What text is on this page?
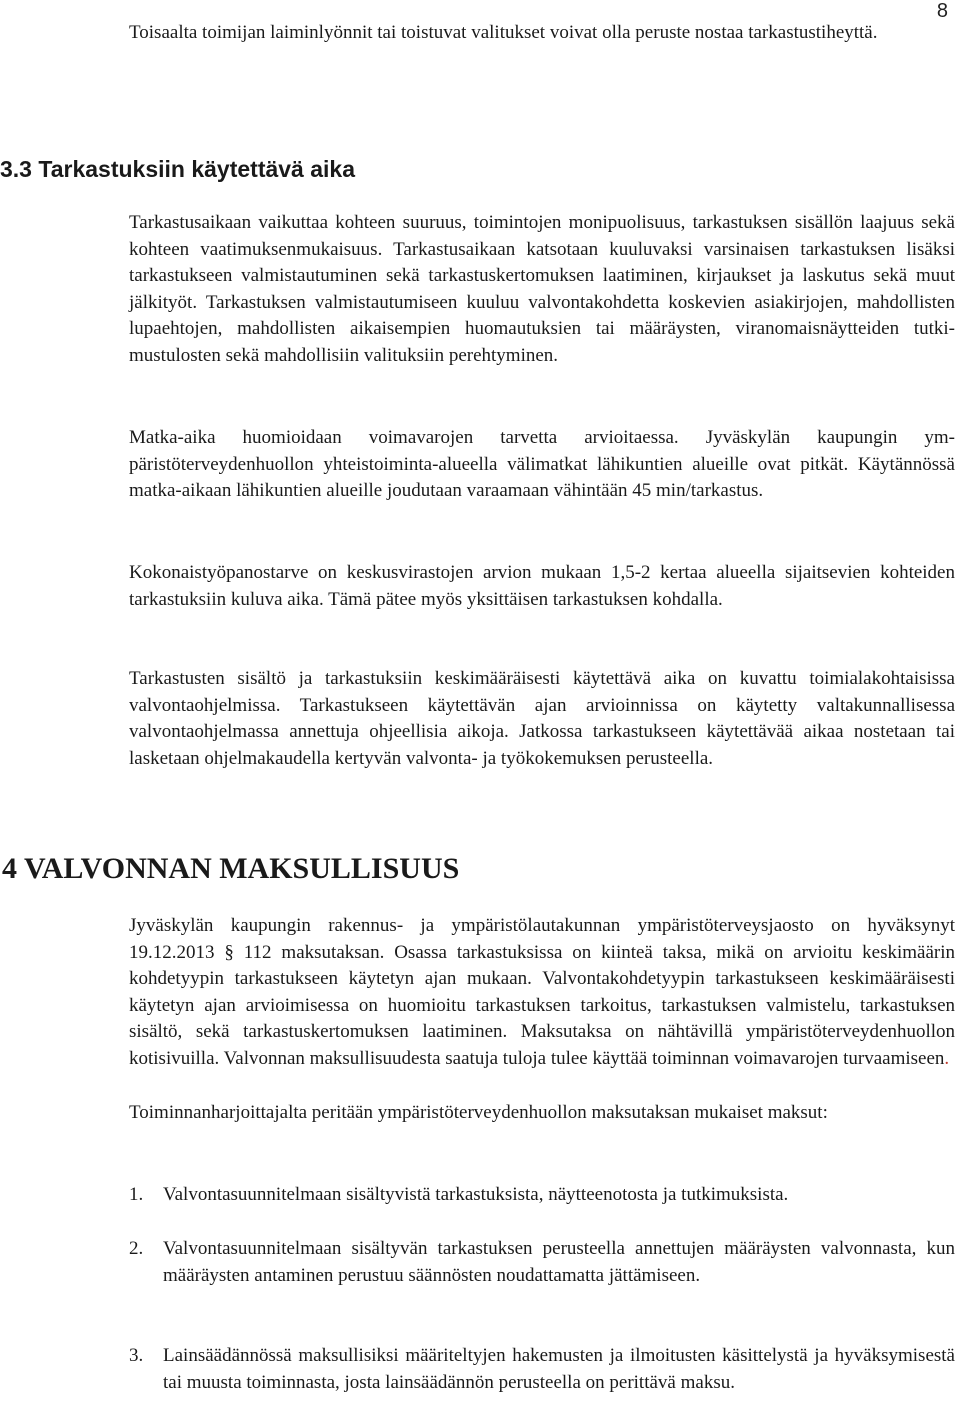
8
Toisaalta toimijan laiminlyönnit tai toistuvat valitukset voivat olla peruste nostaa tarkastustiheyttä.
3.3 Tarkastuksiin käytettävä aika
Tarkastusaikaan vaikuttaa kohteen suuruus, toimintojen monipuolisuus, tarkastuksen sisällön laajuus sekä kohteen vaatimuksenmukaisuus. Tarkastusaikaan katsotaan kuuluvaksi varsinaisen tarkastuksen lisäksi tarkastukseen valmistautuminen sekä tarkastuskertomuksen laatiminen, kirjaukset ja laskutus sekä muut jälkityöt. Tarkastuksen valmistautumiseen kuuluu valvontakohdetta koskevien asiakirjojen, mahdollisten lupaehtojen, mahdollisten aikaisempien huomautuksien tai määräysten, viranomaisnäytteiden tutkimustulosten sekä mahdollisiin valituksiin perehtyminen.
Matka-aika huomioidaan voimavarojen tarvetta arvioitaessa. Jyväskylän kaupungin ympäristöterveydenhuollon yhteistoiminta-alueella välimatkat lähikuntien alueille ovat pitkät. Käytännössä matka-aikaan lähikuntien alueille joudutaan varaamaan vähintään 45 min/tarkastus.
Kokonaistyöpanostarve on keskusvirastojen arvion mukaan 1,5-2 kertaa alueella sijaitsevien kohteiden tarkastuksiin kuluva aika. Tämä pätee myös yksittäisen tarkastuksen kohdalla.
Tarkastusten sisältö ja tarkastuksiin keskimääräisesti käytettävä aika on kuvattu toimialakohtaisissa valvontaohjelmissa. Tarkastukseen käytettävän ajan arvioinnissa on käytetty valtakunnallisessa valvontaohjelmassa annettuja ohjeellisia aikoja. Jatkossa tarkastukseen käytettävää aikaa nostetaan tai lasketaan ohjelmakaudella kertyvän valvonta- ja työkokemuksen perusteella.
4 VALVONNAN MAKSULLISUUS
Jyväskylän kaupungin rakennus- ja ympäristölautakunnan ympäristöterveysjaosto on hyväksynyt 19.12.2013 § 112 maksutaksan. Osassa tarkastuksissa on kiinteä taksa, mikä on arvioitu keskimäärin kohdetyypin tarkastukseen käytetyn ajan mukaan. Valvontakohdetyypin tarkastukseen keskimääräisesti käytetyn ajan arvioimisessa on huomioitu tarkastuksen tarkoitus, tarkastuksen valmistelu, tarkastuksen sisältö, sekä tarkastuskertomuksen laatiminen. Maksutaksa on nähtävillä ympäristöterveydenhuollon kotisivuilla. Valvonnan maksullisuudesta saatuja tuloja tulee käyttää toiminnan voimavarojen turvaamiseen.
Toiminnanharjoittajalta peritään ympäristöterveydenhuollon maksutaksan mukaiset maksut:
1.	Valvontasuunnitelmaan sisältyvistä tarkastuksista, näytteenotosta ja tutkimuksista.
2.	Valvontasuunnitelmaan sisältyvän tarkastuksen perusteella annettujen määräysten valvonnasta, kun määräysten antaminen perustuu säännösten noudattamatta jättämiseen.
3.	Lainsäädännössä maksullisiksi määriteltyjen hakemusten ja ilmoitusten käsittelystä ja hyväksymisestä tai muusta toiminnasta, josta lainsäädännön perusteella on perittävä maksu.
